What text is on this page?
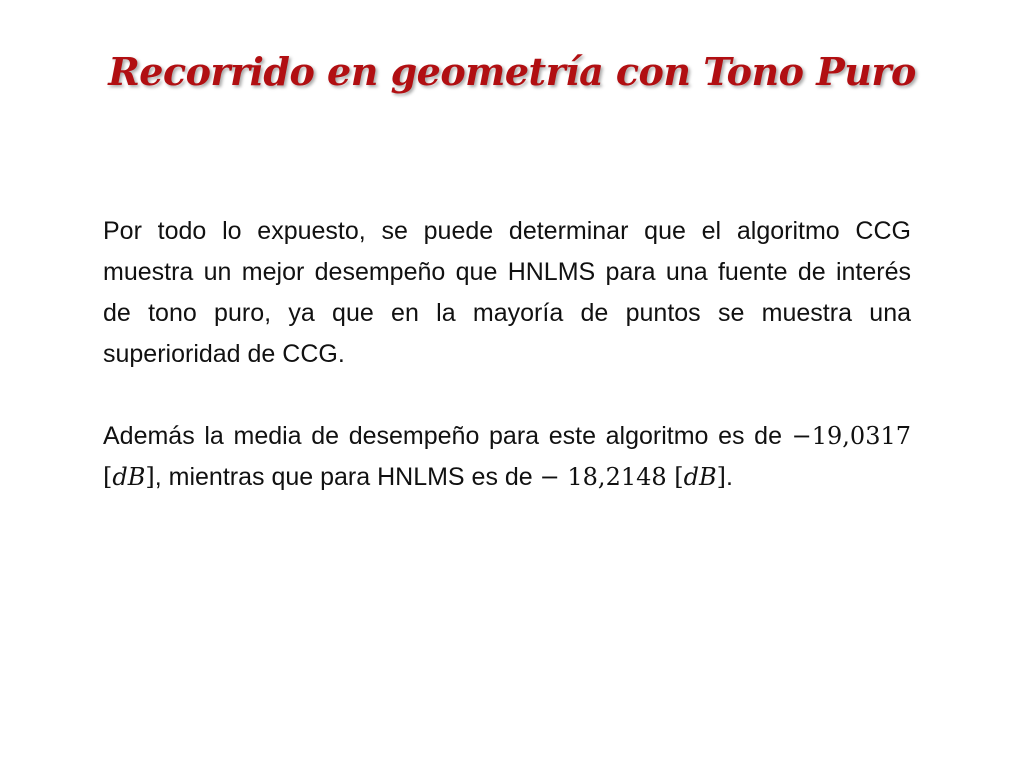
Recorrido en geometría con Tono Puro

Por todo lo expuesto, se puede determinar que el algoritmo CCG muestra un mejor desempeño que HNLMS para una fuente de interés de tono puro, ya que en la mayoría de puntos se muestra una superioridad de CCG.

Además la media de desempeño para este algoritmo es de −19,0317 [dB], mientras que para HNLMS es de − 18,2148 [dB].
